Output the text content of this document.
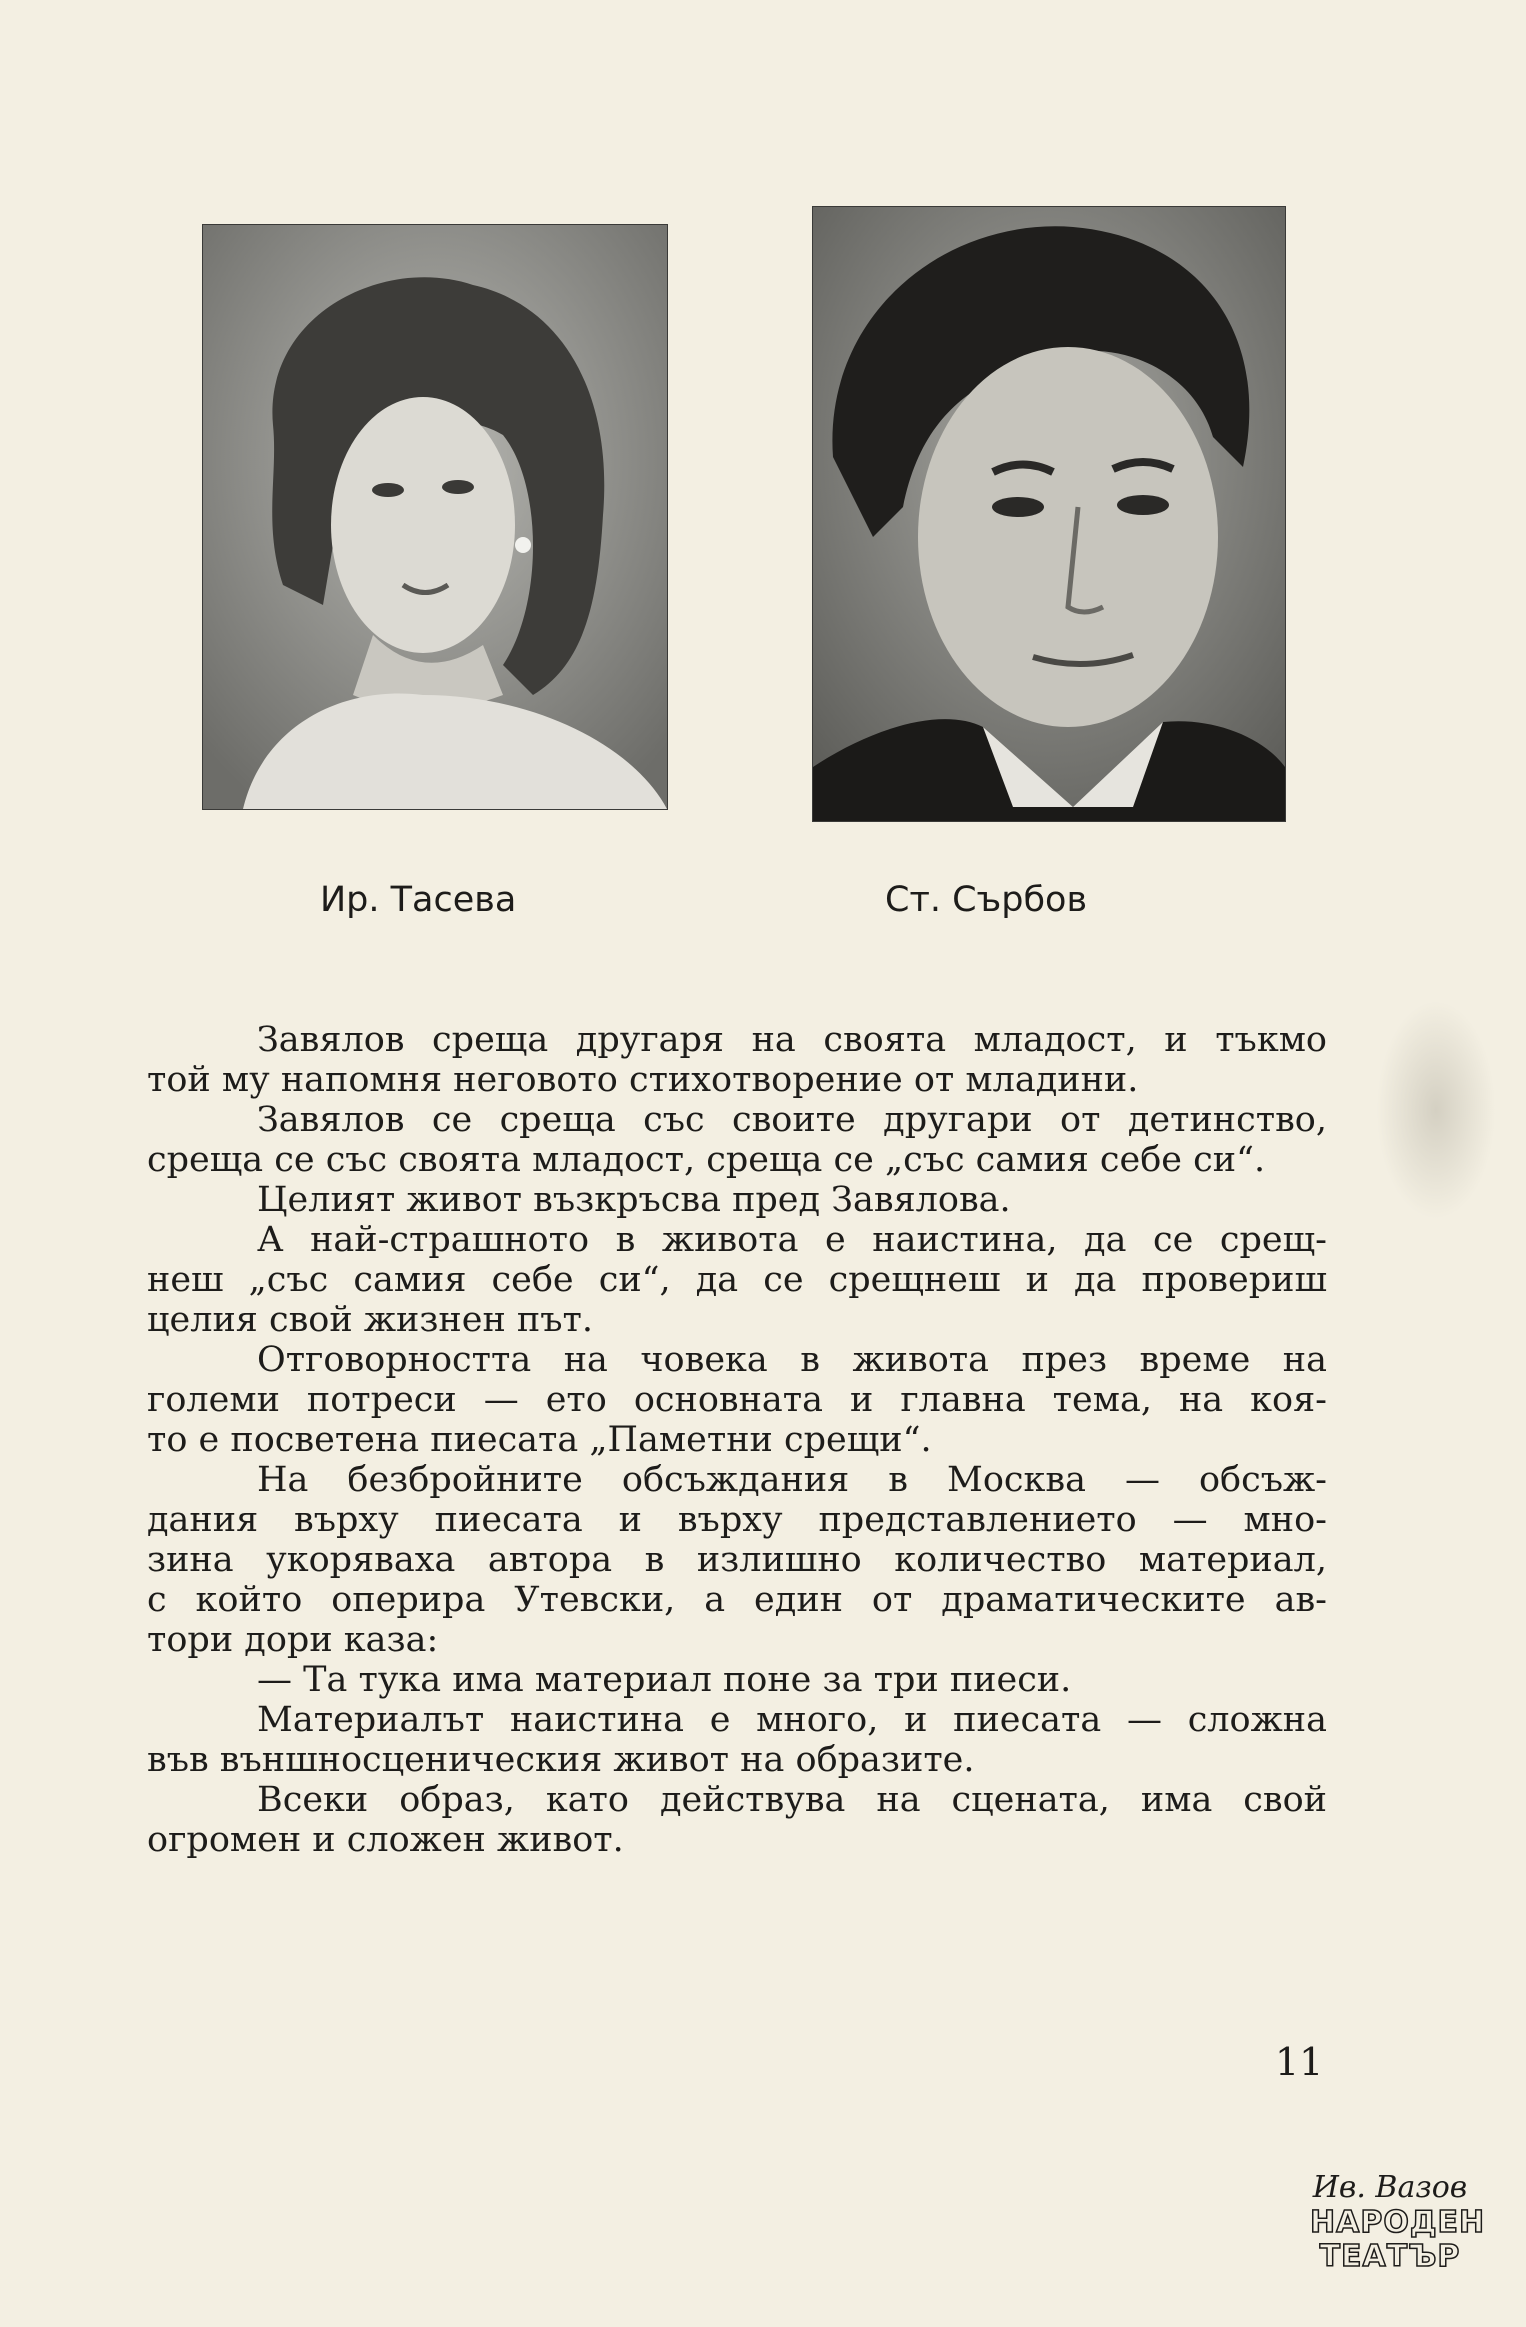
Ир. Тасева	Ст. Сърбов

Завялов среща другаря на своята младост, и тъкмо
той му напомня неговото стихотворение от младини.

Завялов се среща със своите другари от детинство,
среща се със своята младост, среща се „със самия себе си“.

Целият живот възкръсва пред Завялова.

А най-страшното в живота е наистина, да се срещ-
неш „със самия себе си“, да се срещнеш и да провериш
целия свой жизнен път.

Отговорността на човека в живота през време на
големи потреси — ето основната и главна тема, на коя-
то е посветена пиесата „Паметни срещи“.

На безбройните обсъждания в Москва — обсъж-
дания върху пиесата и върху представлението — мно-
зина укоряваха автора в излишно количество материал,
с който оперира Утевски, а един от драматическите ав-
тори дори каза:

— Та тука има материал поне за три пиеси.

Материалът наистина е много, и пиесата — сложна
във външносценическия живот на образите.

Всеки образ, като действува на сцената, има свой
огромен и сложен живот.

11
Ив. Вазов
НАРОДЕН
ТЕАТЪР
